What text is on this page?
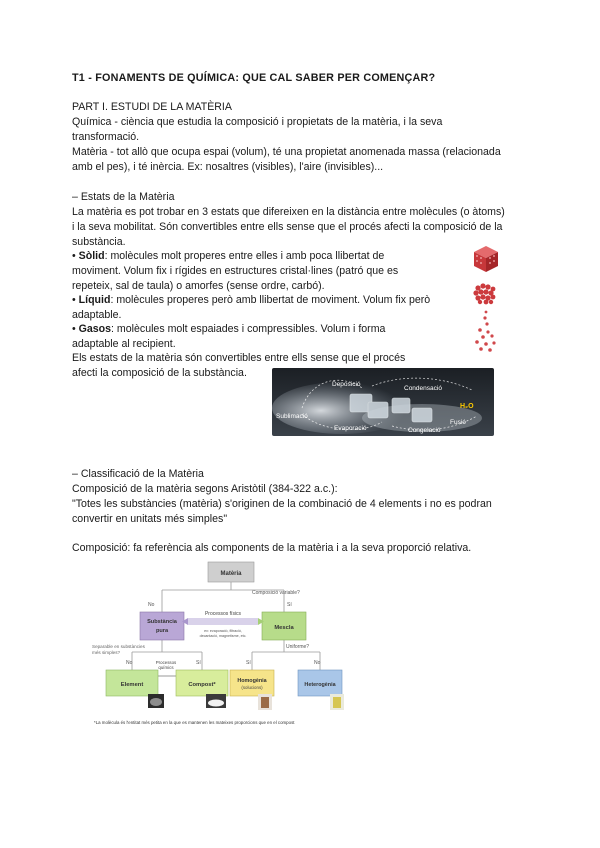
T1 - FONAMENTS DE QUÍMICA: QUE CAL SABER PER COMENÇAR?
PART I. ESTUDI DE LA MATÈRIA
Química - ciència que estudia la composició i propietats de la matèria, i la seva
transformació.
Matèria - tot allò que ocupa espai (volum), té una propietat anomenada massa (relacionada
amb el pes), i té inèrcia. Ex: nosaltres (visibles), l'aire (invisibles)...
– Estats de la Matèria
La matèria es pot trobar en 3 estats que difereixen en la distància entre molècules (o àtoms)
i la seva mobilitat. Són convertibles entre ells sense que el procés afecti la composició de la
substància.
• Sòlid: molècules molt properes entre elles i amb poca llibertat de
moviment. Volum fix i rígides en estructures cristal·lines (patró que es
repeteix, sal de taula) o amorfes (sense ordre, carbó).
• Líquid: molècules properes però amb llibertat de moviment. Volum fix però
adaptable.
• Gasos: molècules molt espaiades i compressibles. Volum i forma
adaptable al recipient.
Els estats de la matèria són convertibles entre ells sense que el procés
afecti la composició de la substància.
Deposició
Condensació
Sublimació
H₂O
Fusió
Evaporació	Congelació
– Classificació de la Matèria
Composició de la matèria segons Aristòtil (384-322 a.c.):
"Totes les substàncies (matèria) s'originen de la combinació de 4 elements i no es podran
convertir en unitats més simples"
Composició: fa referència als components de la matèria i a la seva proporció relativa.
Composició variable?
No	Sí
No	Sí	Sí	No
Matèria
Substància
pura	Mescla
Processos físics
ex: evaporació, filtració,
decantació, magnetisme, etc.
Separable en substàncies
més simples?
Uniforme?
Processos
químics
Element	Compost*
Homogènia
(solucions)	Heterogènia
*La molècula és l'entitat més petita en la que es mantenen les mateixes proporcions que en el compost
